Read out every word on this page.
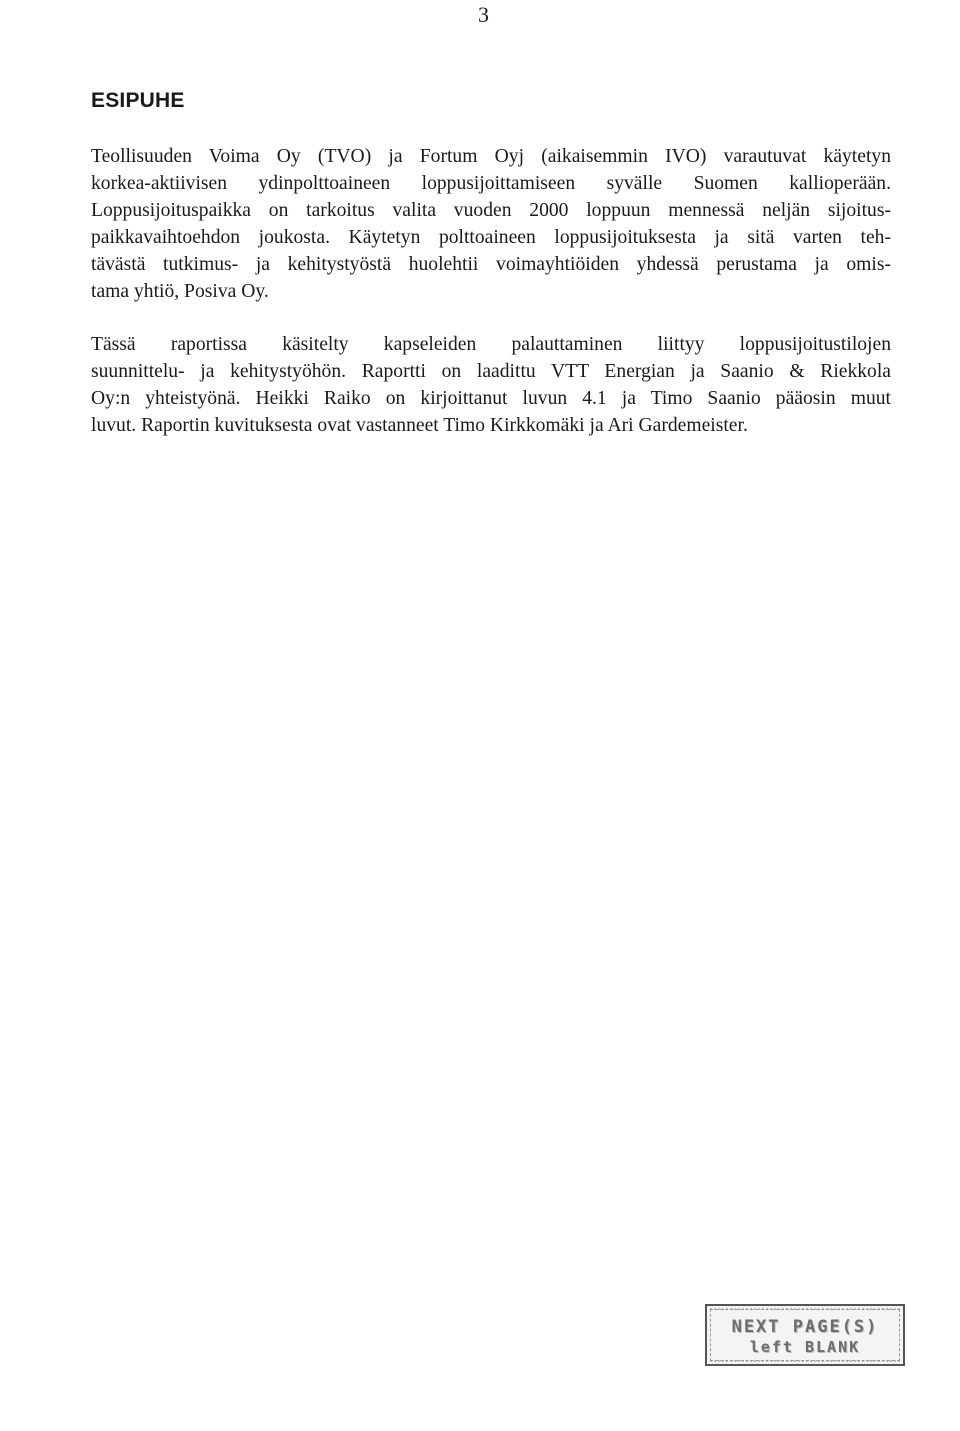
3
ESIPUHE
Teollisuuden Voima Oy (TVO) ja Fortum Oyj (aikaisemmin IVO) varautuvat käytetyn
korkea-aktiivisen ydinpolttoaineen loppusijoittamiseen syvälle Suomen kallioperään.
Loppusijoituspaikka on tarkoitus valita vuoden 2000 loppuun mennessä neljän sijoitus-
paikkavaihtoehdon joukosta. Käytetyn polttoaineen loppusijoituksesta ja sitä varten teh-
tävästä tutkimus- ja kehitystyöstä huolehtii voimayhtiöiden yhdessä perustama ja omis-
tama yhtiö, Posiva Oy.
Tässä raportissa käsitelty kapseleiden palauttaminen liittyy loppusijoitustilojen
suunnittelu- ja kehitystyöhön. Raportti on laadittu VTT Energian ja Saanio & Riekkola
Oy:n yhteistyönä. Heikki Raiko on kirjoittanut luvun 4.1 ja Timo Saanio pääosin muut
luvut. Raportin kuvituksesta ovat vastanneet Timo Kirkkomäki ja Ari Gardemeister.
NEXT PAGE(S)
left BLANK
